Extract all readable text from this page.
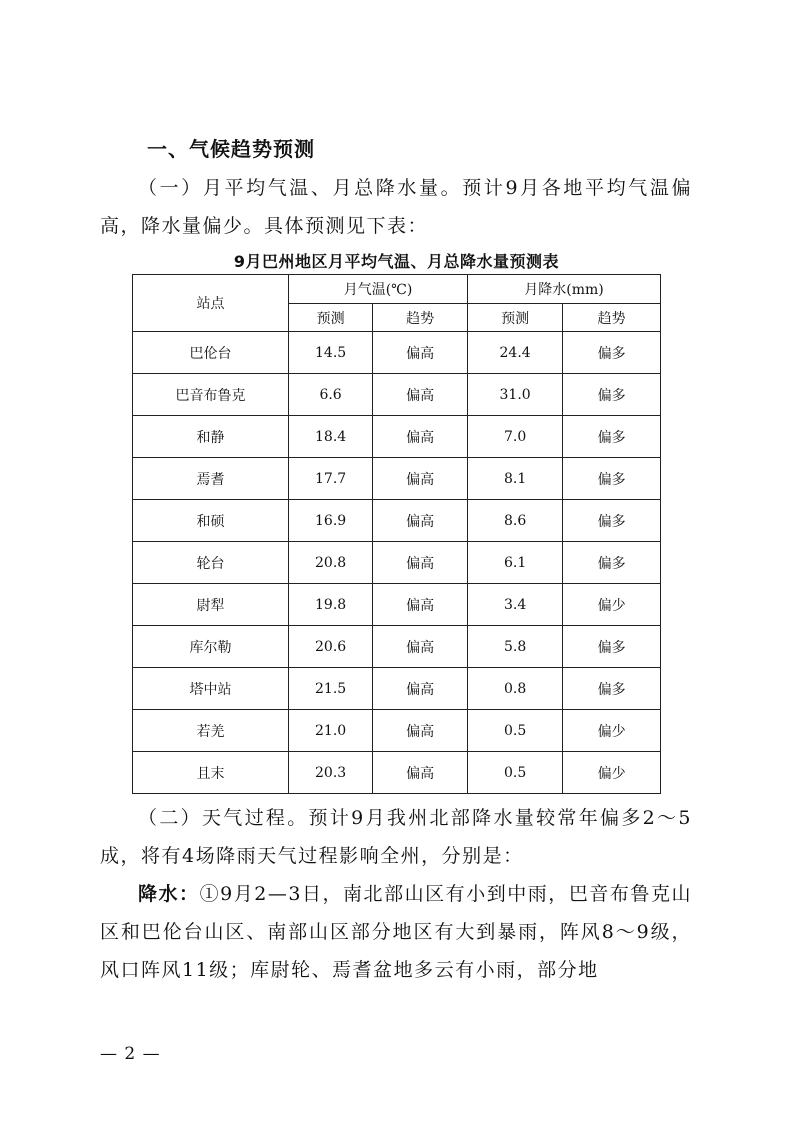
一、气候趋势预测
（一）月平均气温、月总降水量。预计9月各地平均气温偏高，降水量偏少。具体预测见下表：
9月巴州地区月平均气温、月总降水量预测表
站点	月气温(℃)		月降水(mm)	
	预测	趋势	预测	趋势
巴伦台	14.5	偏高	24.4	偏多
巴音布鲁克	6.6	偏高	31.0	偏多
和静	18.4	偏高	7.0	偏多
焉耆	17.7	偏高	8.1	偏多
和硕	16.9	偏高	8.6	偏多
轮台	20.8	偏高	6.1	偏多
尉犁	19.8	偏高	3.4	偏少
库尔勒	20.6	偏高	5.8	偏多
塔中站	21.5	偏高	0.8	偏多
若羌	21.0	偏高	0.5	偏少
且末	20.3	偏高	0.5	偏少
（二）天气过程。预计9月我州北部降水量较常年偏多2～5成，将有4场降雨天气过程影响全州，分别是：
降水：①9月2—3日，南北部山区有小到中雨，巴音布鲁克山区和巴伦台山区、南部山区部分地区有大到暴雨，阵风8～9级，风口阵风11级；库尉轮、焉耆盆地多云有小雨，部分地
— 2 —
